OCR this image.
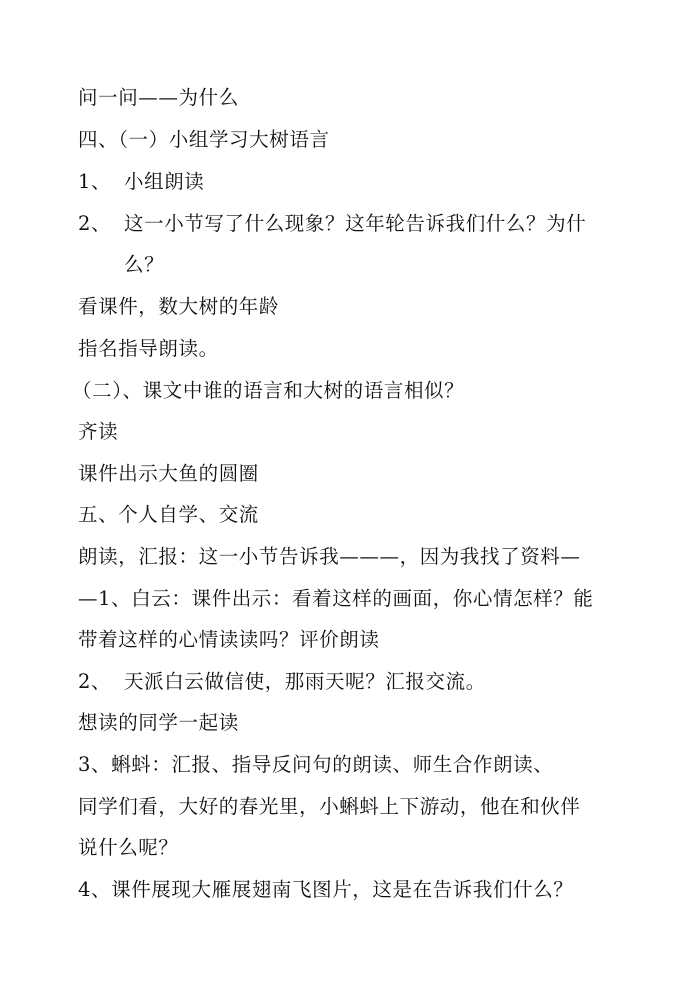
问一问——为什么
四、（一）小组学习大树语言
1、 小组朗读
2、 这一小节写了什么现象？这年轮告诉我们什么？为什
么？
看课件，数大树的年龄
指名指导朗读。
（二）、课文中谁的语言和大树的语言相似？
齐读
课件出示大鱼的圆圈
五、个人自学、交流
朗读，汇报：这一小节告诉我———，因为我找了资料—
—1、白云：课件出示：看着这样的画面，你心情怎样？能
带着这样的心情读读吗？评价朗读
2、 天派白云做信使，那雨天呢？汇报交流。
想读的同学一起读
3、蝌蚪：汇报、指导反问句的朗读、师生合作朗读、
同学们看，大好的春光里，小蝌蚪上下游动，他在和伙伴
说什么呢？
4、课件展现大雁展翅南飞图片，这是在告诉我们什么？
